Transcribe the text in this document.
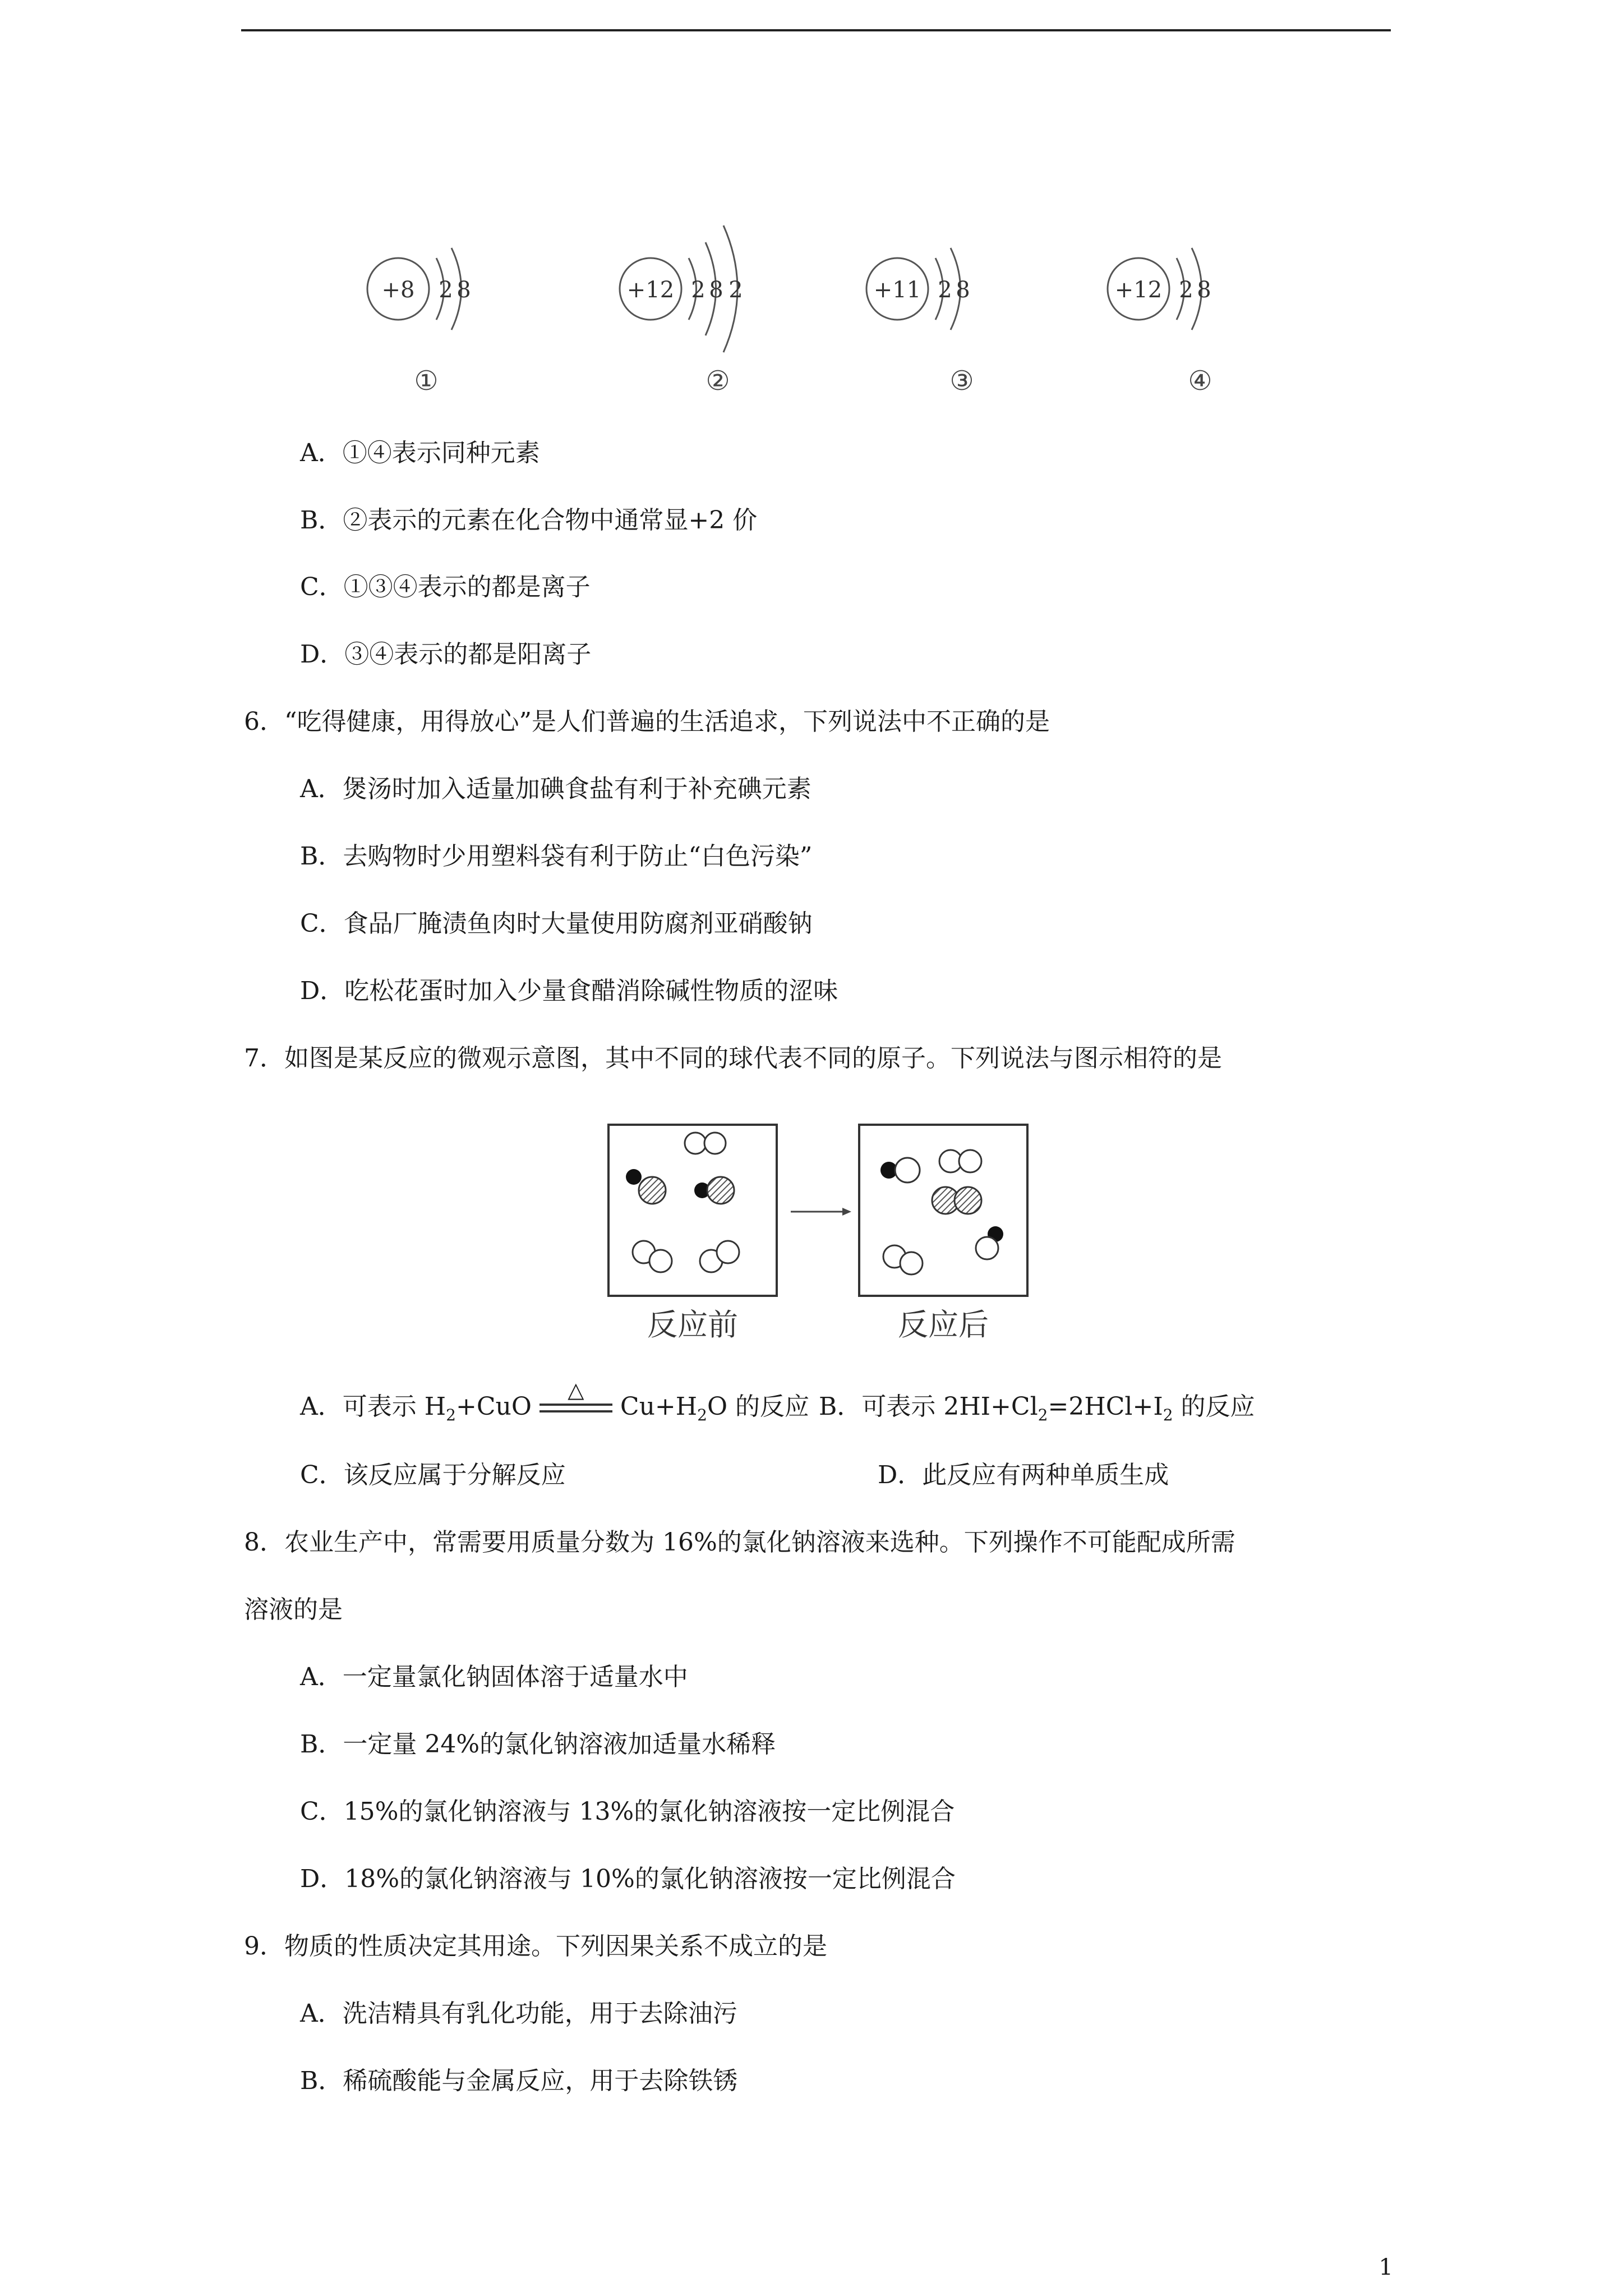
+8 2 8
①
+12 2 8 2
②
+11 2 8
③
+12 2 8
④
A．①④表示同种元素
B．②表示的元素在化合物中通常显+2 价
C．①③④表示的都是离子
D．③④表示的都是阳离子
6．“吃得健康，用得放心”是人们普遍的生活追求，下列说法中不正确的是
A．煲汤时加入适量加碘食盐有利于补充碘元素
B．去购物时少用塑料袋有利于防止“白色污染”
C．食品厂腌渍鱼肉时大量使用防腐剂亚硝酸钠
D．吃松花蛋时加入少量食醋消除碱性物质的涩味
7．如图是某反应的微观示意图，其中不同的球代表不同的原子。下列说法与图示相符的是
反应前	反应后
A．可表示 $H_2+CuO$
△
$Cu+H_2O$ 的反应 B．可表示 $2HI+Cl_2=2HCl+I_2$ 的反应
C．该反应属于分解反应	D．此反应有两种单质生成
8．农业生产中，常需要用质量分数为 16%的氯化钠溶液来选种。下列操作不可能配成所需
溶液的是
A．一定量氯化钠固体溶于适量水中
B．一定量 24%的氯化钠溶液加适量水稀释
C．15%的氯化钠溶液与 13%的氯化钠溶液按一定比例混合
D．18%的氯化钠溶液与 10%的氯化钠溶液按一定比例混合
9．物质的性质决定其用途。下列因果关系不成立的是
A．洗洁精具有乳化功能，用于去除油污
B．稀硫酸能与金属反应，用于去除铁锈
1
